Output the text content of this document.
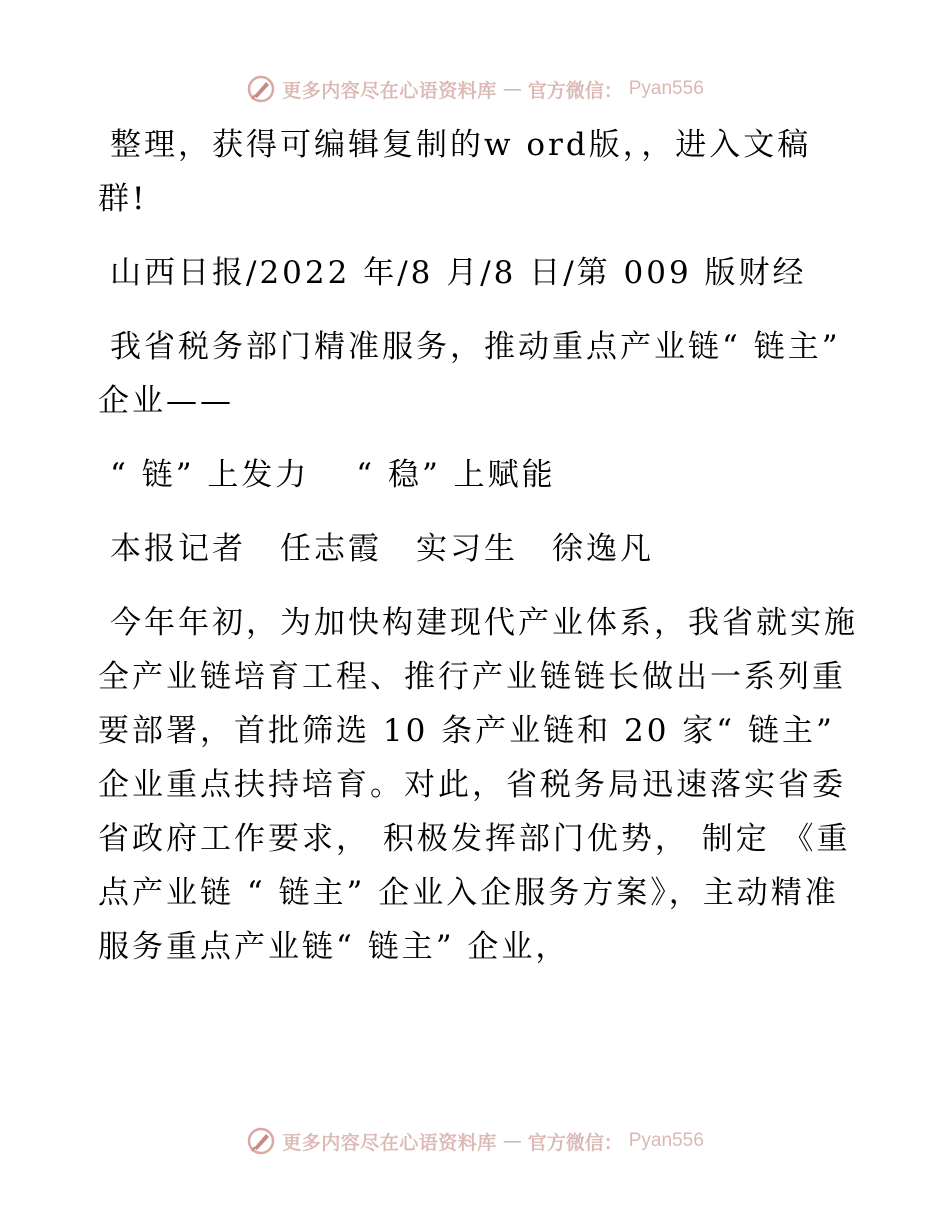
更多内容尽在心语资料库 — 官方微信： Pyan556

整理，获得可编辑复制的w ord版，，进入文稿群!

山西日报/2022 年/8 月/8 日/第 009 版财经

我省税务部门精准服务，推动重点产业链“ 链主” 企业——

“ 链” 上发力　 “ 稳” 上赋能

本报记者　任志霞　实习生　徐逸凡

今年年初，为加快构建现代产业体系，我省就实施全产业链培育工程、推行产业链链长做出一系列重要部署，首批筛选 10 条产业链和 20 家“ 链主” 企业重点扶持培育。对此，省税务局迅速落实省委省政府工作要求， 积极发挥部门优势， 制定 《重点产业链 “ 链主” 企业入企服务方案》，主动精准服务重点产业链“ 链主” 企业，

更多内容尽在心语资料库 — 官方微信： Pyan556
